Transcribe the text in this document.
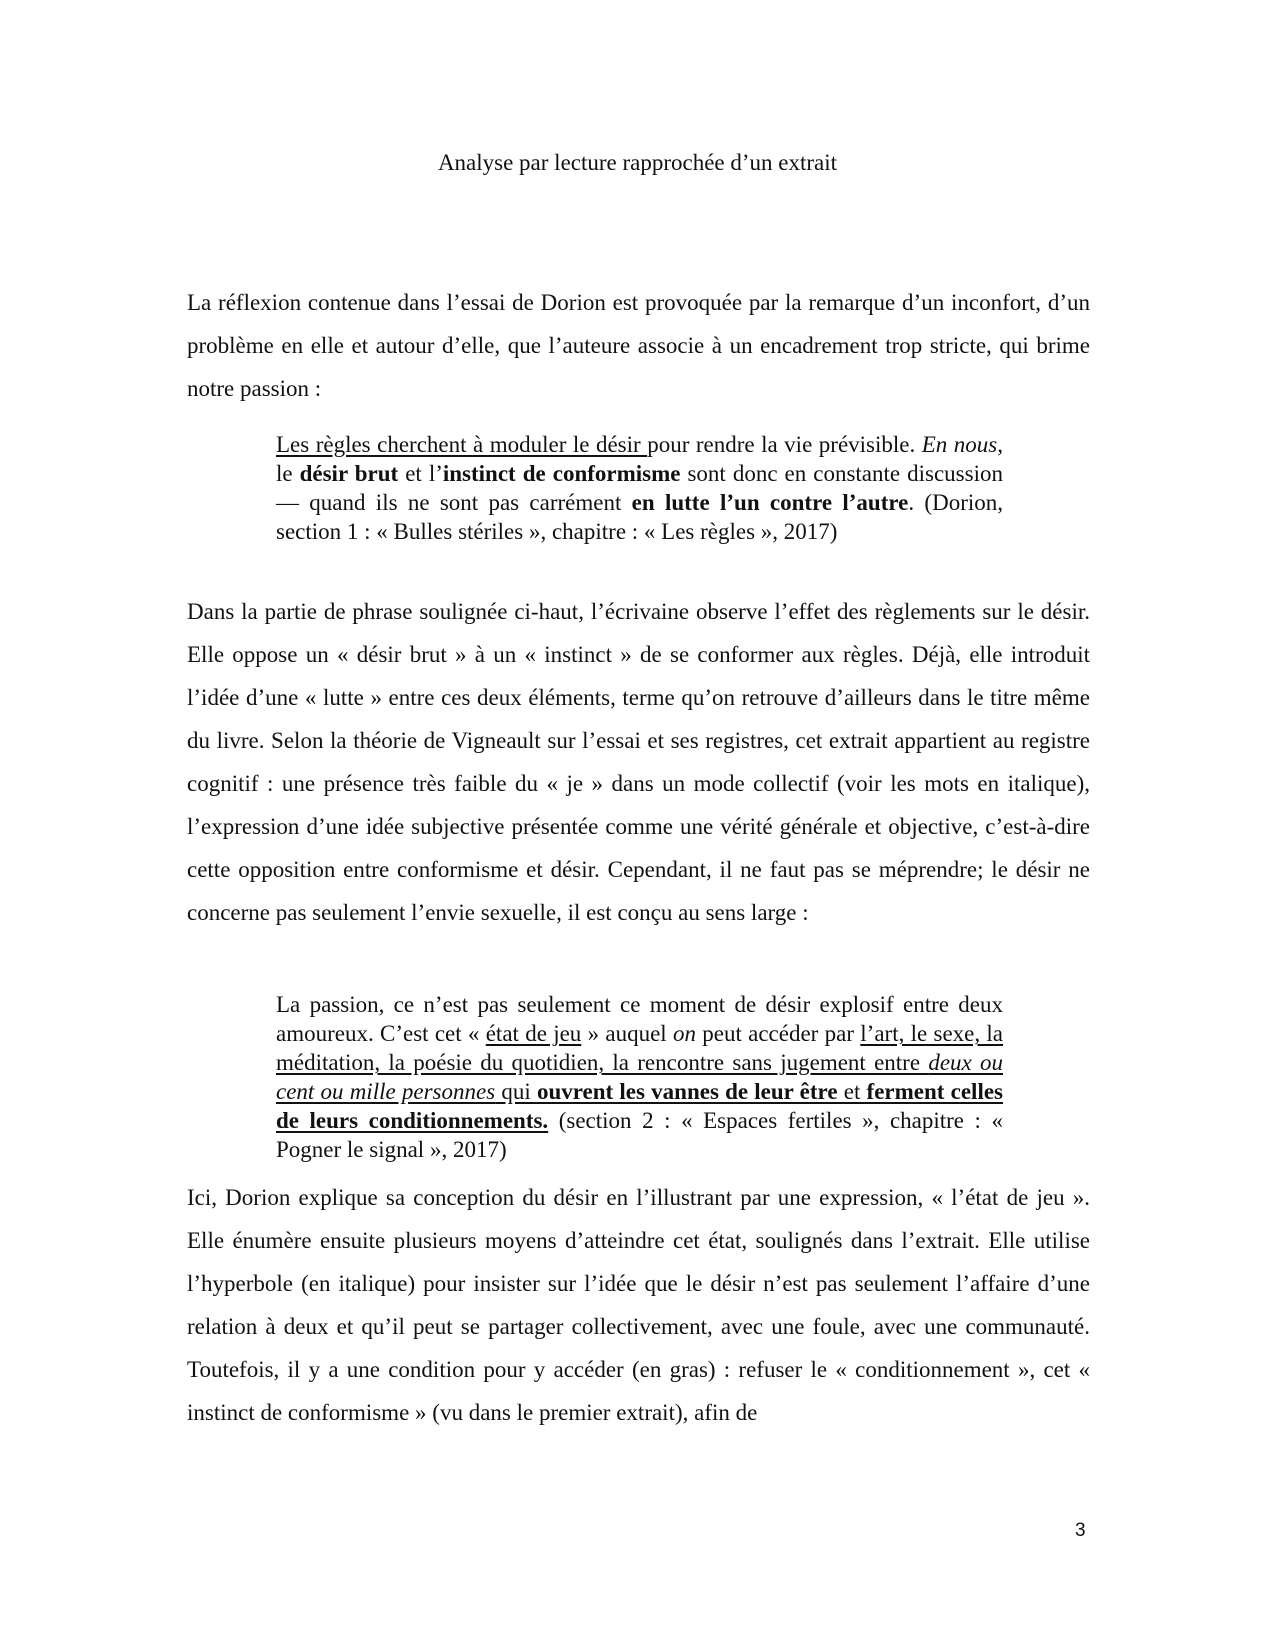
Analyse par lecture rapprochée d’un extrait

La réflexion contenue dans l’essai de Dorion est provoquée par la remarque d’un inconfort, d’un problème en elle et autour d’elle, que l’auteure associe à un encadrement trop stricte, qui brime notre passion :

Les règles cherchent à moduler le désir pour rendre la vie prévisible. En nous, le désir brut et l’instinct de conformisme sont donc en constante discussion — quand ils ne sont pas carrément en lutte l’un contre l’autre. (Dorion, section 1 : « Bulles stériles », chapitre : « Les règles », 2017)

Dans la partie de phrase soulignée ci-haut, l’écrivaine observe l’effet des règlements sur le désir. Elle oppose un « désir brut » à un « instinct » de se conformer aux règles. Déjà, elle introduit l’idée d’une « lutte » entre ces deux éléments, terme qu’on retrouve d’ailleurs dans le titre même du livre. Selon la théorie de Vigneault sur l’essai et ses registres, cet extrait appartient au registre cognitif : une présence très faible du « je » dans un mode collectif (voir les mots en italique), l’expression d’une idée subjective présentée comme une vérité générale et objective, c’est-à-dire cette opposition entre conformisme et désir. Cependant, il ne faut pas se méprendre; le désir ne concerne pas seulement l’envie sexuelle, il est conçu au sens large :

La passion, ce n’est pas seulement ce moment de désir explosif entre deux amoureux. C’est cet « état de jeu » auquel on peut accéder par l’art, le sexe, la méditation, la poésie du quotidien, la rencontre sans jugement entre deux ou cent ou mille personnes qui ouvrent les vannes de leur être et ferment celles de leurs conditionnements. (section 2 : « Espaces fertiles », chapitre : « Pogner le signal », 2017)

Ici, Dorion explique sa conception du désir en l’illustrant par une expression, « l’état de jeu ». Elle énumère ensuite plusieurs moyens d’atteindre cet état, soulignés dans l’extrait. Elle utilise l’hyperbole (en italique) pour insister sur l’idée que le désir n’est pas seulement l’affaire d’une relation à deux et qu’il peut se partager collectivement, avec une foule, avec une communauté. Toutefois, il y a une condition pour y accéder (en gras) : refuser le « conditionnement », cet « instinct de conformisme » (vu dans le premier extrait), afin de

3
